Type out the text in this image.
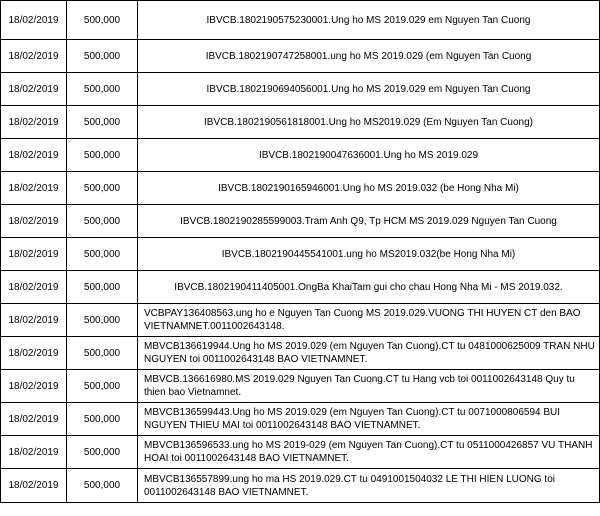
18/02/2019	500,000	IBVCB.1802190575230001.Ung ho MS 2019.029 em Nguyen Tan Cuong

18/02/2019	500,000	IBVCB.1802190747258001.ung ho MS 2019.029 (em Nguyen Tan Cuong

18/02/2019	500,000	IBVCB.1802190694056001.Ung ho MS 2019.029 em Nguyen Tan Cuong

18/02/2019	500,000	IBVCB.1802190561818001.Ung ho MS2019.029 (Em Nguyen Tan Cuong)

18/02/2019	500,000	IBVCB.1802190047636001.Ung ho MS 2019.029

18/02/2019	500,000	IBVCB.1802190165946001.Ung ho MS 2019.032 (be Hong Nha Mi)

18/02/2019	500,000	IBVCB.1802190285599003.Tram Anh Q9, Tp HCM MS 2019.029 Nguyen Tan Cuong

18/02/2019	500,000	IBVCB.1802190445541001.ung ho MS2019.032(be Hong Nha Mi)

18/02/2019	500,000	IBVCB.1802190411405001.OngBa KhaiTam gui cho chau Hong Nha Mi - MS 2019.032.

18/02/2019	500,000	VCBPAY136408563.ung ho e Nguyen Tan Cuong MS 2019.029.VUONG THI HUYEN CT den BAO
VIETNAMNET.0011002643148.

18/02/2019	500,000	MBVCB136619944.Ung ho MS 2019.029 (em Nguyen Tan Cuong).CT tu 0481000625009 TRAN NHU
NGUYEN toi 0011002643148 BAO VIETNAMNET.

18/02/2019	500,000	MBVCB.136616980.MS 2019.029 Nguyen Tan Cuong.CT tu Hang vcb toi 0011002643148 Quy tu
thien bao Vietnamnet.

18/02/2019	500,000	MBVCB136599443.Ung ho MS 2019.029 (em Nguyen Tan Cuong).CT tu 0071000806594 BUI
NGUYEN THIEU MAI toi 0011002643148 BAO VIETNAMNET.

18/02/2019	500,000	MBVCB136596533.ung ho MS 2019-029 (em Nguyen Tan Cuong).CT tu 0511000426857 VU THANH
HOAI toi 0011002643148 BAO VIETNAMNET.

18/02/2019	500,000	MBVCB136557899.ung ho ma HS 2019.029.CT tu 0491001504032 LE THI HIEN LUONG toi
0011002643148 BAO VIETNAMNET.
